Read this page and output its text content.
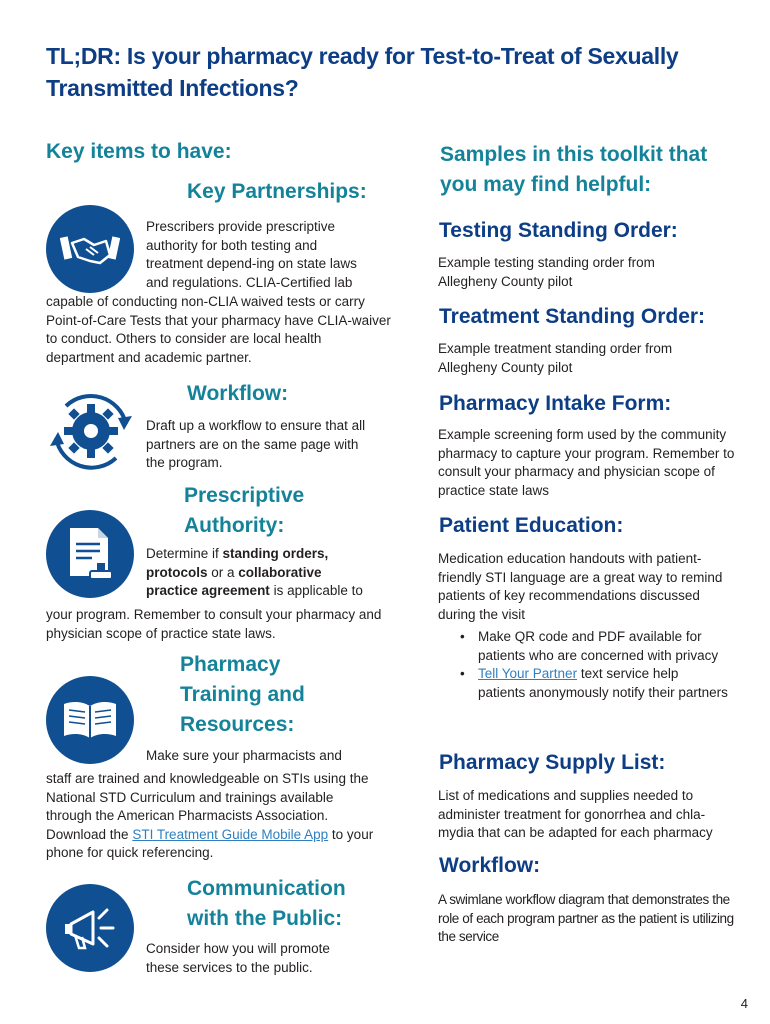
TL;DR: Is your pharmacy ready for Test-to-Treat of Sexually Transmitted Infections?
Key items to have:
Key Partnerships:
Prescribers provide prescriptive
authority for both testing and
treatment depend-ing on state laws
and regulations. CLIA-Certified lab
capable of conducting non-CLIA waived tests or carry Point-of-Care Tests that your pharmacy have CLIA-waiver to conduct. Others to consider are local health department and academic partner.
Workflow:
Draft up a workflow to ensure that all partners are on the same page with the program.
Prescriptive
Authority:
Determine if standing orders,
protocols or a collaborative
practice agreement is applicable to
your program. Remember to consult your pharmacy and physician scope of practice state laws.
Pharmacy
Training and
Resources:
Make sure your pharmacists and
staff are trained and knowledgeable on STIs using the National STD Curriculum and trainings available through the American Pharmacists Association. Download the STI Treatment Guide Mobile App to your phone for quick referencing.
Communication
with the Public:
Consider how you will promote these services to the public.
Samples in this toolkit that you may find helpful:
Testing Standing Order:
Example testing standing order from Allegheny County pilot
Treatment Standing Order:
Example treatment standing order from Allegheny County pilot
Pharmacy Intake Form:
Example screening form used by the community pharmacy to capture your program. Remember to consult your pharmacy and physician scope of practice state laws
Patient Education:
Medication education handouts with patient-friendly STI language are a great way to remind patients of key recommendations discussed during the visit
• Make QR code and PDF available for patients who are concerned with privacy
• Tell Your Partner text service help patients anonymously notify their partners
Pharmacy Supply List:
List of medications and supplies needed to administer treatment for gonorrhea and chla-mydia that can be adapted for each pharmacy
Workflow:
A swimlane workflow diagram that demonstrates the role of each program partner as the patient is utilizing the service
4
